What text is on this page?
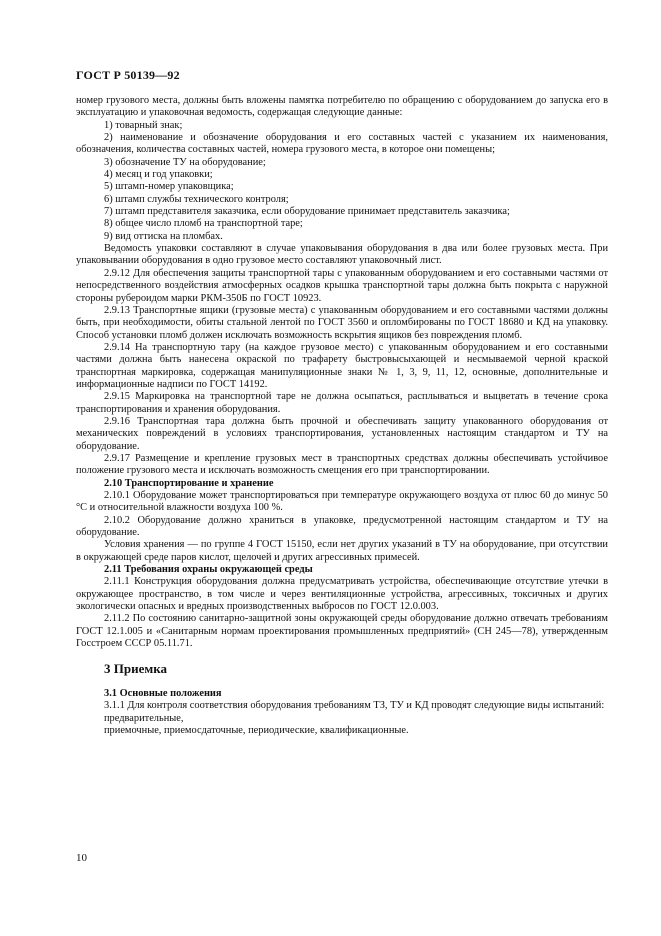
ГОСТ Р 50139—92

номер грузового места, должны быть вложены памятка потребителю по обращению с оборудованием до запуска его в эксплуатацию и упаковочная ведомость, содержащая следующие данные:

1) товарный знак;
2) наименование и обозначение оборудования и его составных частей с указанием их наименования, обозначения, количества составных частей, номера грузового места, в которое они помещены;
3) обозначение ТУ на оборудование;
4) месяц и год упаковки;
5) штамп-номер упаковщика;
6) штамп службы технического контроля;
7) штамп представителя заказчика, если оборудование принимает представитель заказчика;
8) общее число пломб на транспортной таре;
9) вид оттиска на пломбах.

Ведомость упаковки составляют в случае упаковывания оборудования в два или более грузовых места. При упаковывании оборудования в одно грузовое место составляют упаковочный лист.

2.9.12 Для обеспечения защиты транспортной тары с упакованным оборудованием и его составными частями от непосредственного воздействия атмосферных осадков крышка транспортной тары должна быть покрыта с наружной стороны рубероидом марки РКМ-350Б по ГОСТ 10923.

2.9.13 Транспортные ящики (грузовые места) с упакованным оборудованием и его составными частями должны быть, при необходимости, обиты стальной лентой по ГОСТ 3560 и опломбированы по ГОСТ 18680 и КД на упаковку. Способ установки пломб должен исключать возможность вскрытия ящиков без повреждения пломб.

2.9.14 На транспортную тару (на каждое грузовое место) с упакованным оборудованием и его составными частями должна быть нанесена окраской по трафарету быстровысыхающей и несмываемой черной краской транспортная маркировка, содержащая манипуляционные знаки № 1, 3, 9, 11, 12, основные, дополнительные и информационные надписи по ГОСТ 14192.

2.9.15 Маркировка на транспортной таре не должна осыпаться, расплываться и выцветать в течение срока транспортирования и хранения оборудования.

2.9.16 Транспортная тара должна быть прочной и обеспечивать защиту упакованного оборудования от механических повреждений в условиях транспортирования, установленных настоящим стандартом и ТУ на оборудование.

2.9.17 Размещение и крепление грузовых мест в транспортных средствах должны обеспечивать устойчивое положение грузового места и исключать возможность смещения его при транспортировании.

2.10 Транспортирование и хранение

2.10.1 Оборудование может транспортироваться при температуре окружающего воздуха от плюс 60 до минус 50 °С и относительной влажности воздуха 100 %.

2.10.2 Оборудование должно храниться в упаковке, предусмотренной настоящим стандартом и ТУ на оборудование.

Условия хранения — по группе 4 ГОСТ 15150, если нет других указаний в ТУ на оборудование, при отсутствии в окружающей среде паров кислот, щелочей и других агрессивных примесей.

2.11 Требования охраны окружающей среды

2.11.1 Конструкция оборудования должна предусматривать устройства, обеспечивающие отсутствие утечки в окружающее пространство, в том числе и через вентиляционные устройства, агрессивных, токсичных и других экологически опасных и вредных производственных выбросов по ГОСТ 12.0.003.

2.11.2 По состоянию санитарно-защитной зоны окружающей среды оборудование должно отвечать требованиям ГОСТ 12.1.005 и «Санитарным нормам проектирования промышленных предприятий» (СН 245—78), утвержденным Госстроем СССР 05.11.71.

3 Приемка
3.1 Основные положения

3.1.1 Для контроля соответствия оборудования требованиям ТЗ, ТУ и КД проводят следующие виды испытаний:

предварительные,

приемочные, приемосдаточные, периодические, квалификационные.

10
